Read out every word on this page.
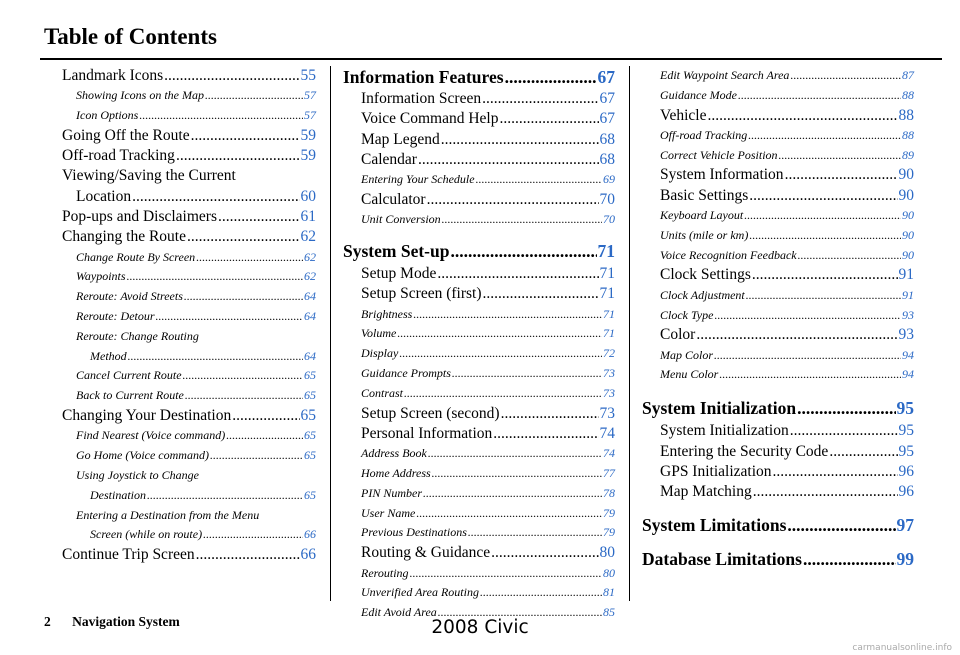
Table of Contents
Landmark Icons .....	55
Showing Icons on the Map .....	57
Icon Options .....	57
Going Off the Route .....	59
Off-road Tracking .....	59
Viewing/Saving the Current
Location .....	60
Pop-ups and Disclaimers .....	61
Changing the Route .....	62
Change Route By Screen .....	62
Waypoints .....	62
Reroute: Avoid Streets .....	64
Reroute: Detour .....	64
Reroute: Change Routing
Method .....	64
Cancel Current Route .....	65
Back to Current Route .....	65
Changing Your Destination .....	65
Find Nearest (Voice command) .....	65
Go Home (Voice command) .....	65
Using Joystick to Change
Destination .....	65
Entering a Destination from the Menu
Screen (while on route) .....	66
Continue Trip Screen .....	66
Information Features .....	67
Information Screen .....	67
Voice Command Help .....	67
Map Legend .....	68
Calendar .....	68
Entering Your Schedule .....	69
Calculator .....	70
Unit Conversion .....	70
System Set-up .....	71
Setup Mode .....	71
Setup Screen (first) .....	71
Brightness .....	71
Volume .....	71
Display .....	72
Guidance Prompts .....	73
Contrast .....	73
Setup Screen (second) .....	73
Personal Information .....	74
Address Book .....	74
Home Address .....	77
PIN Number .....	78
User Name .....	79
Previous Destinations .....	79
Routing & Guidance .....	80
Rerouting .....	80
Unverified Area Routing .....	81
Edit Avoid Area .....	85
Edit Waypoint Search Area .....	87
Guidance Mode .....	88
Vehicle .....	88
Off-road Tracking .....	88
Correct Vehicle Position .....	89
System Information .....	90
Basic Settings .....	90
Keyboard Layout .....	90
Units (mile or km) .....	90
Voice Recognition Feedback .....	90
Clock Settings .....	91
Clock Adjustment .....	91
Clock Type .....	93
Color .....	93
Map Color .....	94
Menu Color .....	94
System Initialization .....	95
System Initialization .....	95
Entering the Security Code .....	95
GPS Initialization .....	96
Map Matching .....	96
System Limitations .....	97
Database Limitations .....	99
2 Navigation System	2008 Civic
carmanualsonline.info
